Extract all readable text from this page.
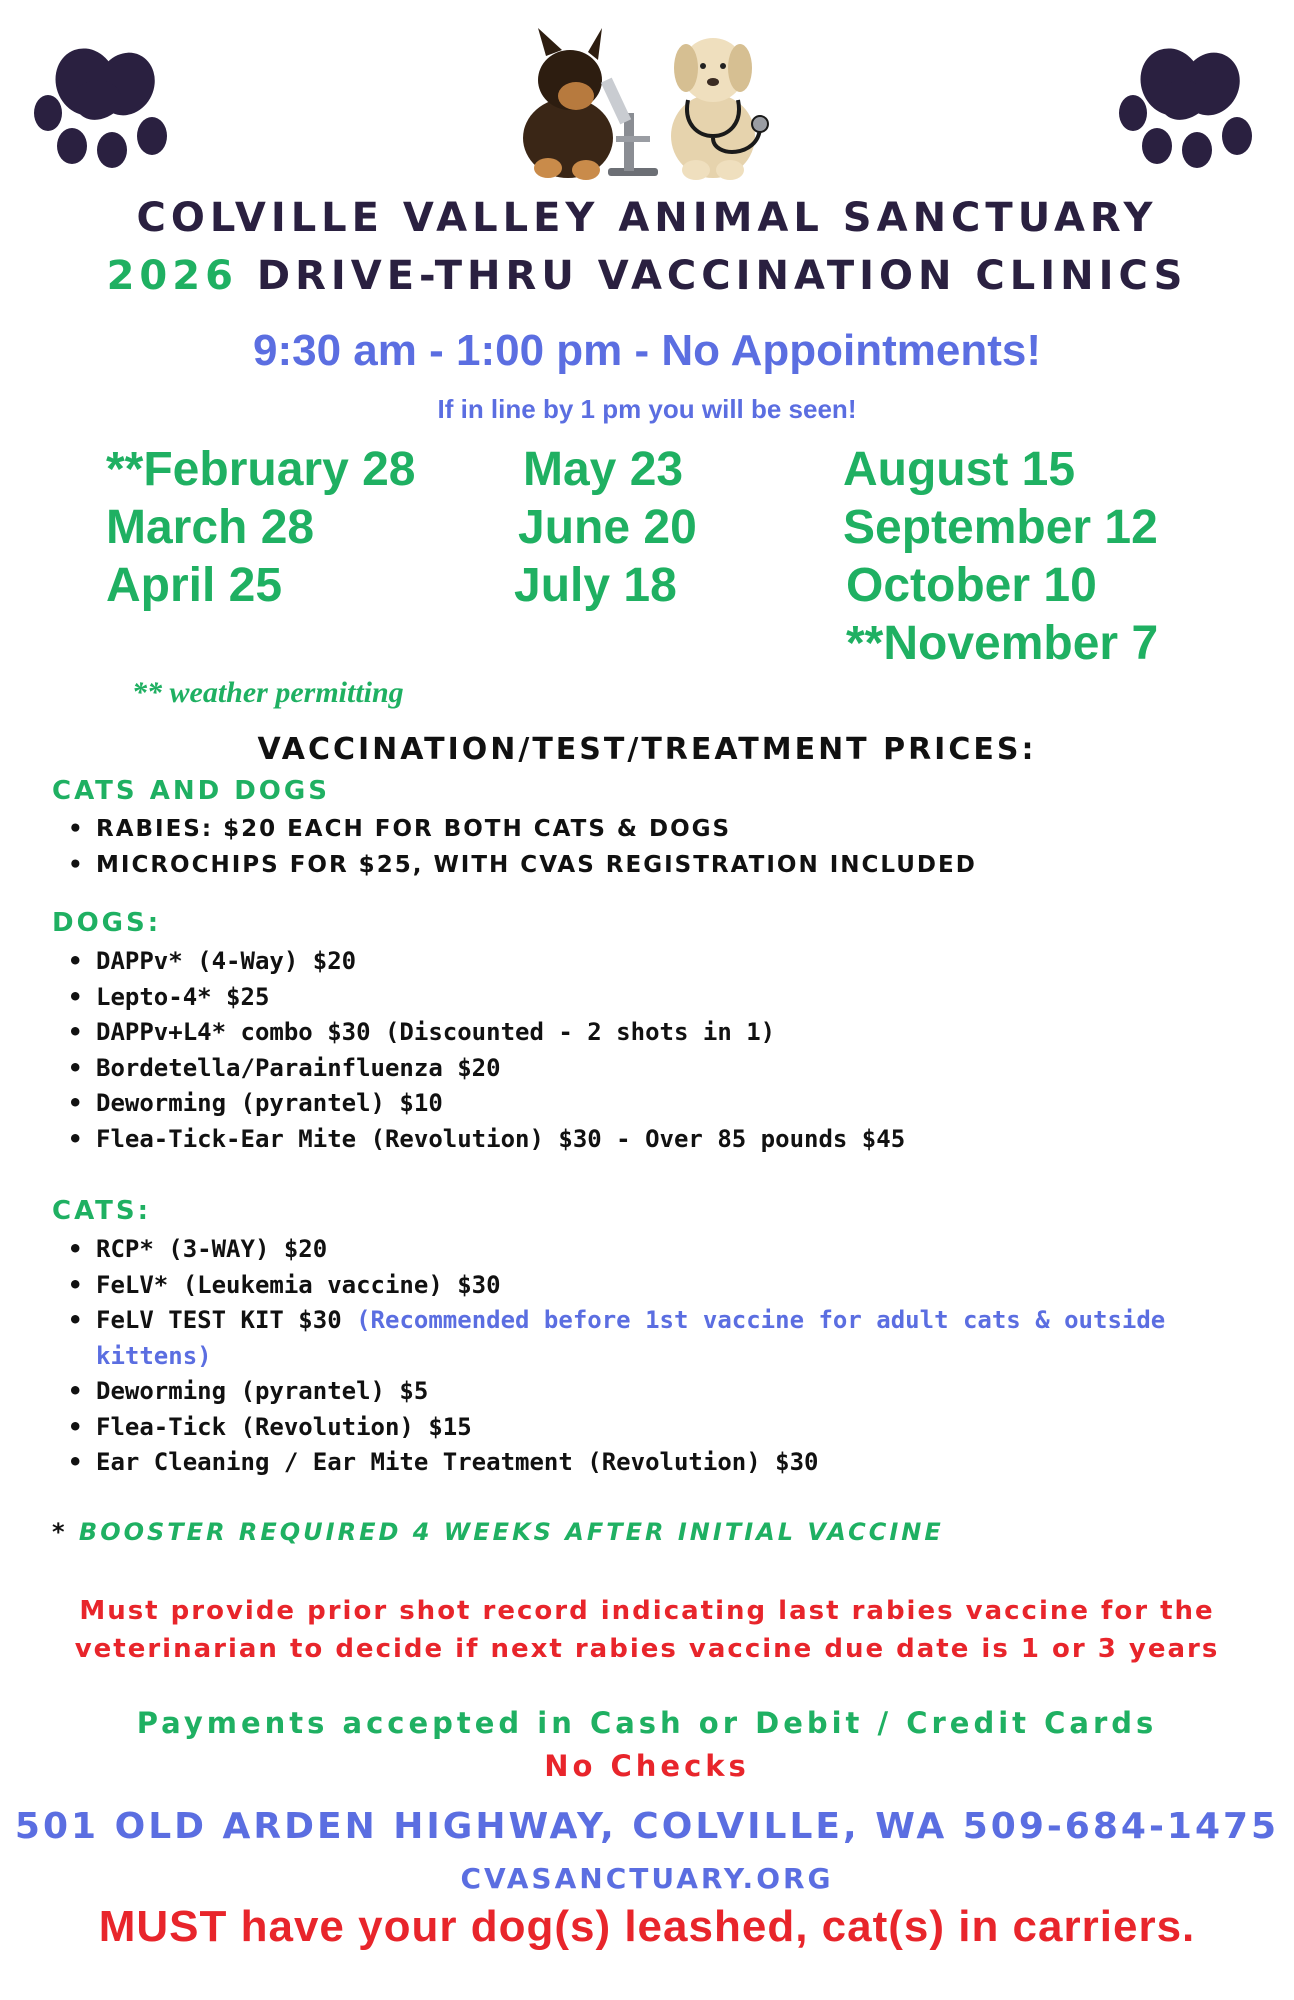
COLVILLE VALLEY ANIMAL SANCTUARY
2026 DRIVE-THRU VACCINATION CLINICS
9:30 am - 1:00 pm - No Appointments!
If in line by 1 pm you will be seen!
**February 28
March 28
April 25
May 23
June 20
July 18
August 15
September 12
October 10
**November 7
** weather permitting
VACCINATION/TEST/TREATMENT PRICES:
CATS AND DOGS
• RABIES: $20 EACH FOR BOTH CATS & DOGS
• MICROCHIPS FOR $25, WITH CVAS REGISTRATION INCLUDED
DOGS:
• DAPPv* (4-Way) $20
• Lepto-4* $25
• DAPPv+L4* combo $30 (Discounted - 2 shots in 1)
• Bordetella/Parainfluenza $20
• Deworming (pyrantel) $10
• Flea-Tick-Ear Mite (Revolution) $30 - Over 85 pounds $45
CATS:
• RCP* (3-WAY) $20
• FeLV* (Leukemia vaccine) $30
• FeLV TEST KIT $30 (Recommended before 1st vaccine for adult cats & outside kittens)
• Deworming (pyrantel) $5
• Flea-Tick (Revolution) $15
• Ear Cleaning / Ear Mite Treatment (Revolution) $30
* BOOSTER REQUIRED 4 WEEKS AFTER INITIAL VACCINE
Must provide prior shot record indicating last rabies vaccine for the
veterinarian to decide if next rabies vaccine due date is 1 or 3 years
Payments accepted in Cash or Debit / Credit Cards
No Checks
501 OLD ARDEN HIGHWAY, COLVILLE, WA 509-684-1475
CVASANCTUARY.ORG
MUST have your dog(s) leashed, cat(s) in carriers.
